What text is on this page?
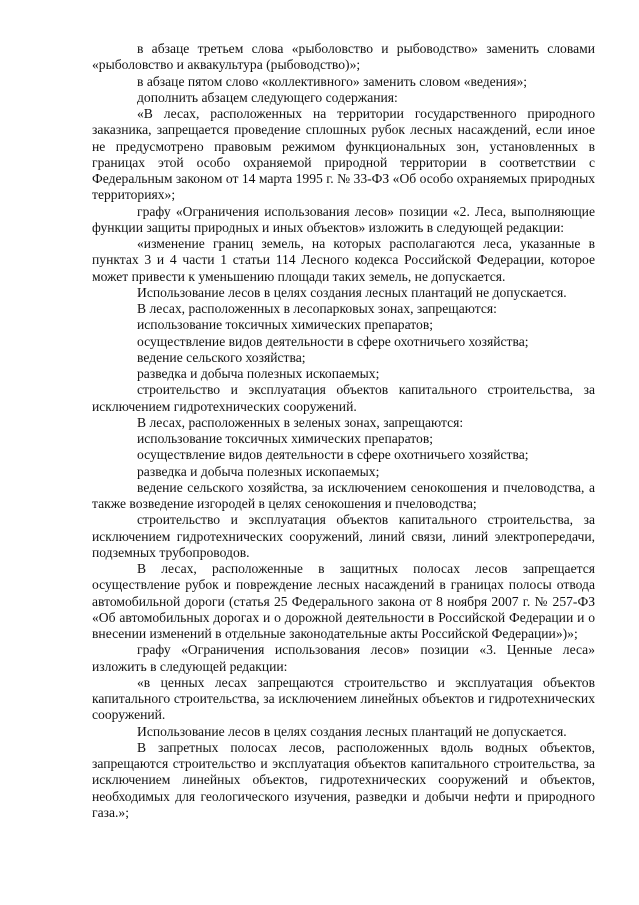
в абзаце третьем слова «рыболовство и рыбоводство» заменить словами «рыболовство и аквакультура (рыбоводство)»;

в абзаце пятом слово «коллективного» заменить словом «ведения»;

дополнить абзацем следующего содержания:

«В лесах, расположенных на территории государственного природного заказника, запрещается проведение сплошных рубок лесных насаждений, если иное не предусмотрено правовым режимом функциональных зон, установленных в границах этой особо охраняемой природной территории в соответствии с Федеральным законом от 14 марта 1995 г. № 33-ФЗ «Об особо охраняемых природных территориях»;

графу «Ограничения использования лесов» позиции «2. Леса, выполняющие функции защиты природных и иных объектов» изложить в следующей редакции:

«изменение границ земель, на которых располагаются леса, указанные в пунктах 3 и 4 части 1 статьи 114 Лесного кодекса Российской Федерации, которое может привести к уменьшению площади таких земель, не допускается.

Использование лесов в целях создания лесных плантаций не допускается.

В лесах, расположенных в лесопарковых зонах, запрещаются:

использование токсичных химических препаратов;

осуществление видов деятельности в сфере охотничьего хозяйства;

ведение сельского хозяйства;

разведка и добыча полезных ископаемых;

строительство и эксплуатация объектов капитального строительства, за исключением гидротехнических сооружений.

В лесах, расположенных в зеленых зонах, запрещаются:

использование токсичных химических препаратов;

осуществление видов деятельности в сфере охотничьего хозяйства;

разведка и добыча полезных ископаемых;

ведение сельского хозяйства, за исключением сенокошения и пчеловодства, а также возведение изгородей в целях сенокошения и пчеловодства;

строительство и эксплуатация объектов капитального строительства, за исключением гидротехнических сооружений, линий связи, линий электропередачи, подземных трубопроводов.

В лесах, расположенные в защитных полосах лесов запрещается осуществление рубок и повреждение лесных насаждений в границах полосы отвода автомобильной дороги (статья 25 Федерального закона от 8 ноября 2007 г. № 257-ФЗ «Об автомобильных дорогах и о дорожной деятельности в Российской Федерации и о внесении изменений в отдельные законодательные акты Российской Федерации»)»;

графу «Ограничения использования лесов» позиции «3. Ценные леса» изложить в следующей редакции:

«в ценных лесах запрещаются строительство и эксплуатация объектов капитального строительства, за исключением линейных объектов и гидротехнических сооружений.

Использование лесов в целях создания лесных плантаций не допускается.

В запретных полосах лесов, расположенных вдоль водных объектов, запрещаются строительство и эксплуатация объектов капитального строительства, за исключением линейных объектов, гидротехнических сооружений и объектов, необходимых для геологического изучения, разведки и добычи нефти и природного газа.»;
